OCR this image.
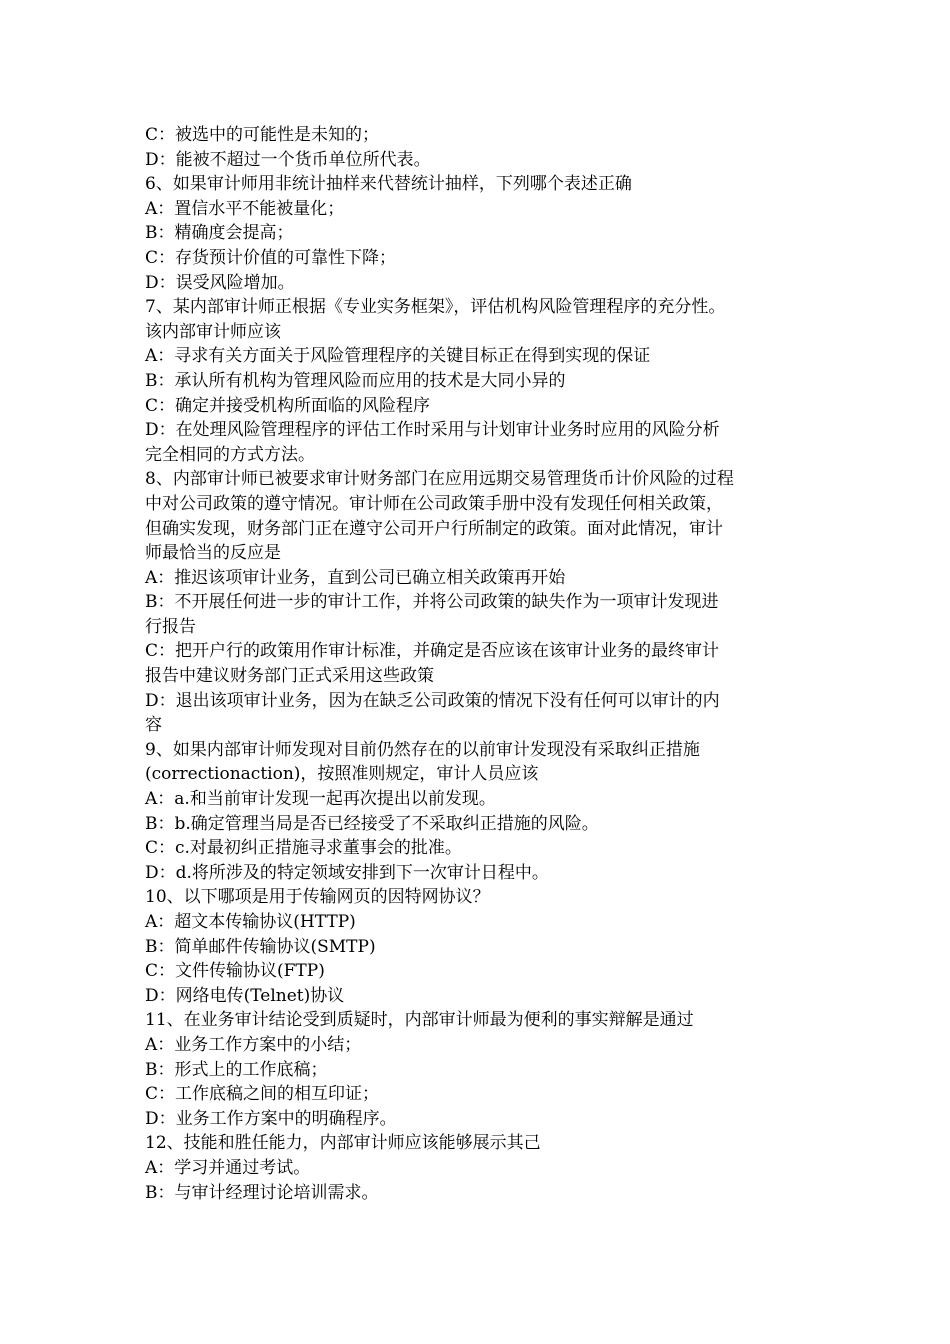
C：被选中的可能性是未知的；
D：能被不超过一个货币单位所代表。
6、如果审计师用非统计抽样来代替统计抽样，下列哪个表述正确
A：置信水平不能被量化；
B：精确度会提高；
C：存货预计价值的可靠性下降；
D：误受风险增加。
7、某内部审计师正根据《专业实务框架》，评估机构风险管理程序的充分性。
该内部审计师应该
A：寻求有关方面关于风险管理程序的关键目标正在得到实现的保证
B：承认所有机构为管理风险而应用的技术是大同小异的
C：确定并接受机构所面临的风险程序
D：在处理风险管理程序的评估工作时采用与计划审计业务时应用的风险分析
完全相同的方式方法。
8、内部审计师已被要求审计财务部门在应用远期交易管理货币计价风险的过程
中对公司政策的遵守情况。审计师在公司政策手册中没有发现任何相关政策，
但确实发现，财务部门正在遵守公司开户行所制定的政策。面对此情况，审计
师最恰当的反应是
A：推迟该项审计业务，直到公司已确立相关政策再开始
B：不开展任何进一步的审计工作，并将公司政策的缺失作为一项审计发现进
行报告
C：把开户行的政策用作审计标准，并确定是否应该在该审计业务的最终审计
报告中建议财务部门正式采用这些政策
D：退出该项审计业务，因为在缺乏公司政策的情况下没有任何可以审计的内
容
9、如果内部审计师发现对目前仍然存在的以前审计发现没有采取纠正措施
(correctionaction)，按照准则规定，审计人员应该
A：a.和当前审计发现一起再次提出以前发现。
B：b.确定管理当局是否已经接受了不采取纠正措施的风险。
C：c.对最初纠正措施寻求董事会的批准。
D：d.将所涉及的特定领域安排到下一次审计日程中。
10、以下哪项是用于传输网页的因特网协议？
A：超文本传输协议(HTTP)
B：简单邮件传输协议(SMTP)
C：文件传输协议(FTP)
D：网络电传(Telnet)协议
11、在业务审计结论受到质疑时，内部审计师最为便利的事实辩解是通过
A：业务工作方案中的小结；
B：形式上的工作底稿；
C：工作底稿之间的相互印证；
D：业务工作方案中的明确程序。
12、技能和胜任能力，内部审计师应该能够展示其己
A：学习并通过考试。
B：与审计经理讨论培训需求。
